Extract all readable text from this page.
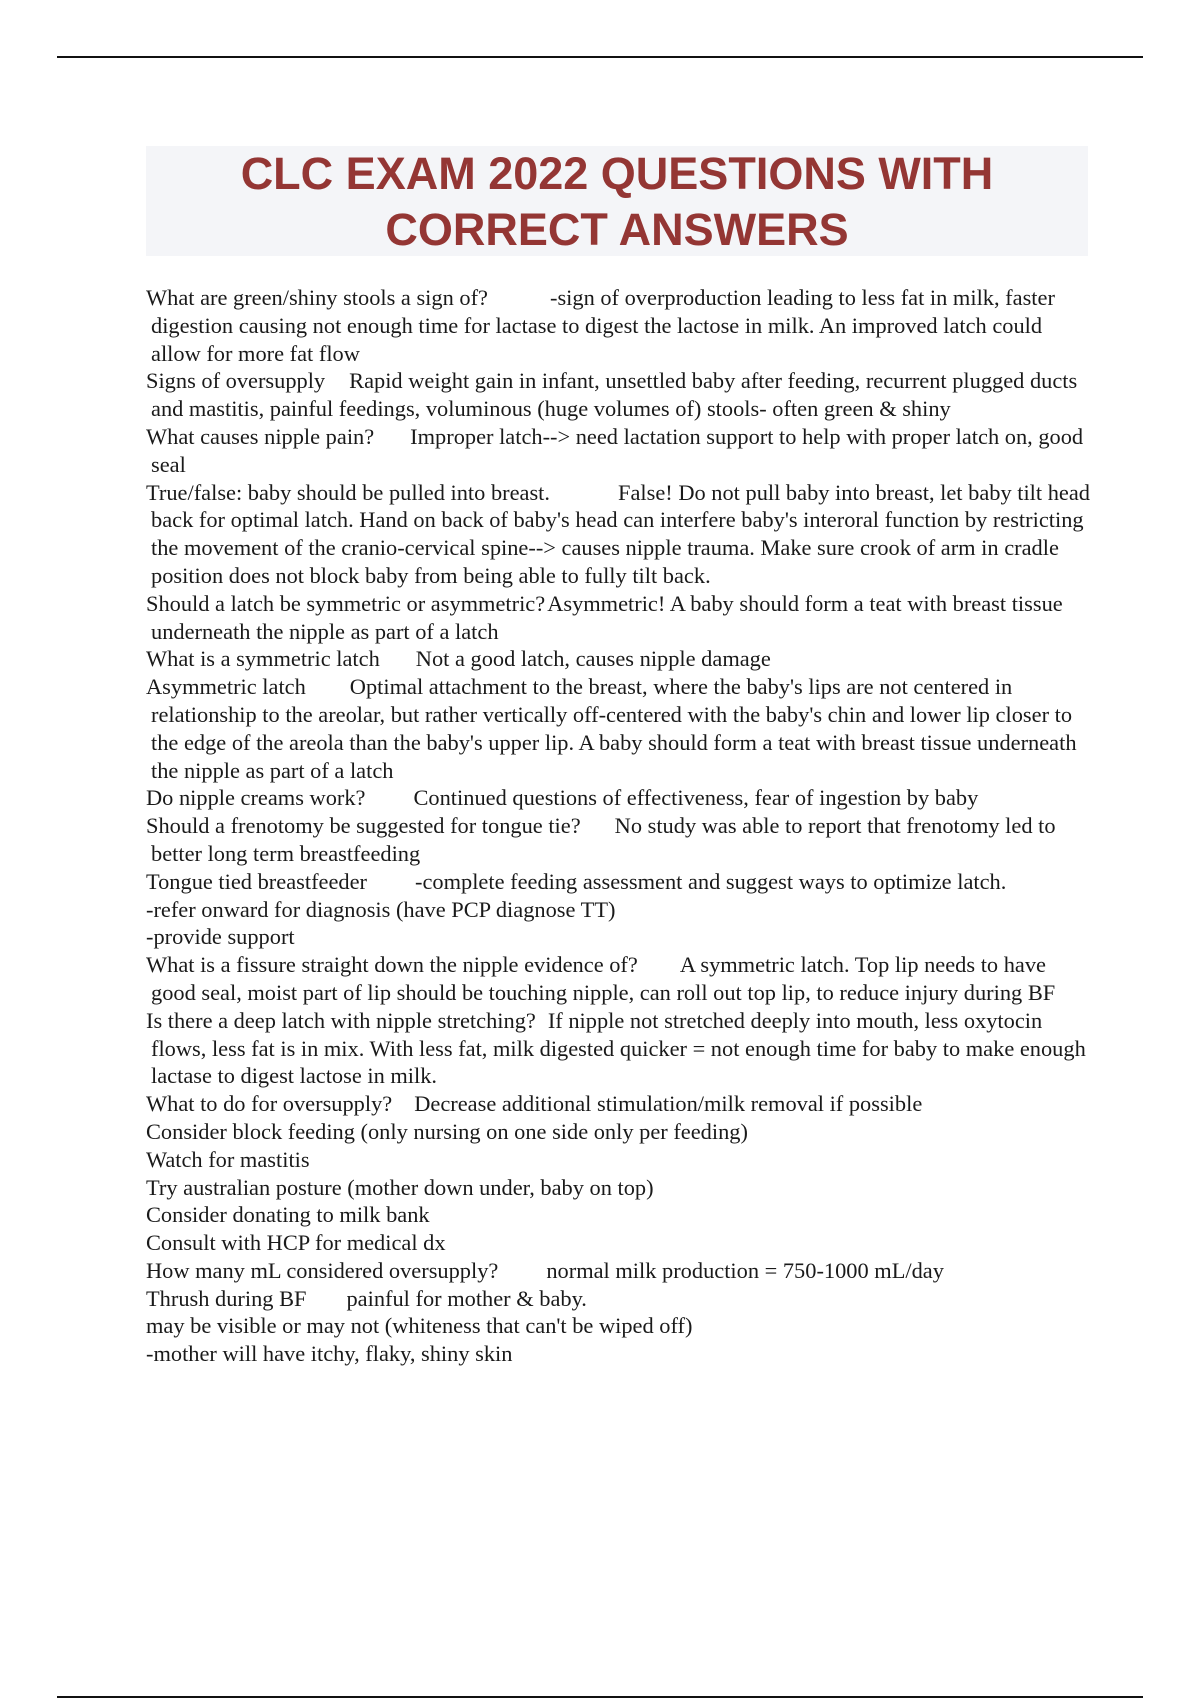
CLC EXAM 2022 QUESTIONS WITH
CORRECT ANSWERS
What are green/shiny stools a sign of?	-sign of overproduction leading to less fat in milk, faster digestion causing not enough time for lactase to digest the lactose in milk. An improved latch could allow for more fat flow
Signs of oversupply Rapid weight gain in infant, unsettled baby after feeding, recurrent plugged ducts and mastitis, painful feedings, voluminous (huge volumes of) stools- often green & shiny
What causes nipple pain? Improper latch--> need lactation support to help with proper latch on, good seal
True/false: baby should be pulled into breast.	False! Do not pull baby into breast, let baby tilt head back for optimal latch. Hand on back of baby's head can interfere baby's interoral function by restricting the movement of the cranio-cervical spine--> causes nipple trauma. Make sure crook of arm in cradle position does not block baby from being able to fully tilt back.
Should a latch be symmetric or asymmetric?Asymmetric! A baby should form a teat with breast tissue underneath the nipple as part of a latch
What is a symmetric latch Not a good latch, causes nipple damage
Asymmetric latch Optimal attachment to the breast, where the baby's lips are not centered in relationship to the areolar, but rather vertically off-centered with the baby's chin and lower lip closer to the edge of the areola than the baby's upper lip. A baby should form a teat with breast tissue underneath the nipple as part of a latch
Do nipple creams work? Continued questions of effectiveness, fear of ingestion by baby
Should a frenotomy be suggested for tongue tie? No study was able to report that frenotomy led to better long term breastfeeding
Tongue tied breastfeeder -complete feeding assessment and suggest ways to optimize latch.
-refer onward for diagnosis (have PCP diagnose TT)
-provide support
What is a fissure straight down the nipple evidence of? A symmetric latch. Top lip needs to have good seal, moist part of lip should be touching nipple, can roll out top lip, to reduce injury during BF
Is there a deep latch with nipple stretching? If nipple not stretched deeply into mouth, less oxytocin flows, less fat is in mix. With less fat, milk digested quicker = not enough time for baby to make enough lactase to digest lactose in milk.
What to do for oversupply? Decrease additional stimulation/milk removal if possible
Consider block feeding (only nursing on one side only per feeding)
Watch for mastitis
Try australian posture (mother down under, baby on top)
Consider donating to milk bank
Consult with HCP for medical dx
How many mL considered oversupply? normal milk production = 750-1000 mL/day
Thrush during BF painful for mother & baby.
may be visible or may not (whiteness that can't be wiped off)
-mother will have itchy, flaky, shiny skin
